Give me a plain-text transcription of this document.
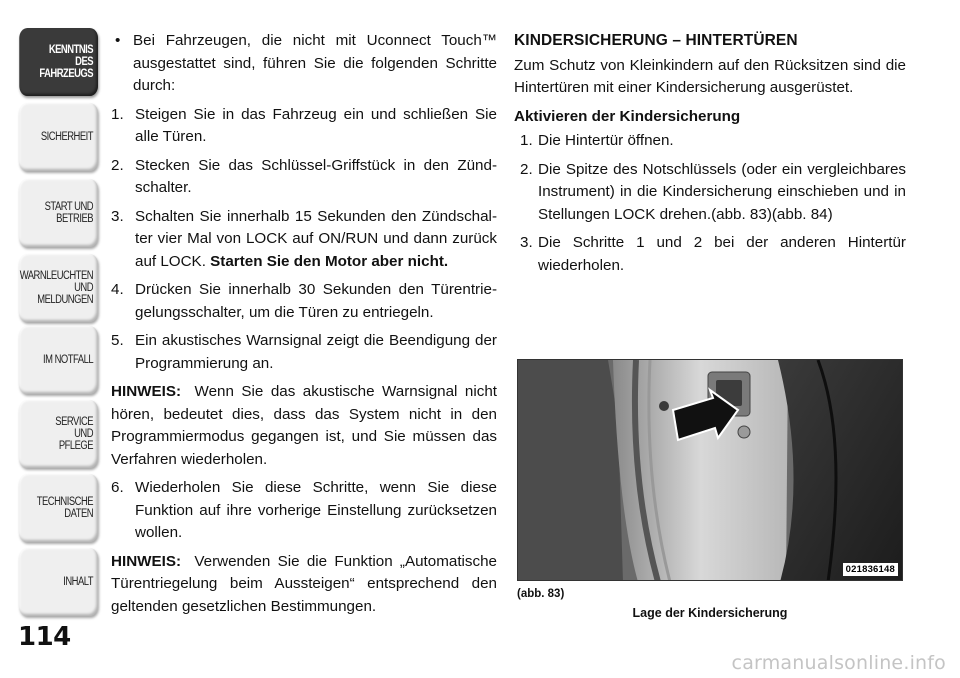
KENNTNIS
DES
FAHRZEUGS
SICHERHEIT
START UND
BETRIEB
WARNLEUCHTEN
UND
MELDUNGEN
IM NOTFALL
SERVICE
UND
PFLEGE
TECHNISCHE
DATEN
INHALT
114
• Bei Fahrzeugen, die nicht mit Uconnect Touch™ ausgestattet sind, führen Sie die folgenden Schritte durch:
1. Steigen Sie in das Fahrzeug ein und schließen Sie alle Türen.
2. Stecken Sie das Schlüssel-Griffstück in den Zündschalter.
3. Schalten Sie innerhalb 15 Sekunden den Zündschalter vier Mal von LOCK auf ON/RUN und dann zurück auf LOCK. Starten Sie den Motor aber nicht.
4. Drücken Sie innerhalb 30 Sekunden den Türentriegelungsschalter, um die Türen zu entriegeln.
5. Ein akustisches Warnsignal zeigt die Beendigung der Programmierung an.

HINWEIS: Wenn Sie das akustische Warnsignal nicht hören, bedeutet dies, dass das System nicht in den Programmiermodus gegangen ist, und Sie müssen das Verfahren wiederholen.

6. Wiederholen Sie diese Schritte, wenn Sie diese Funktion auf ihre vorherige Einstellung zurücksetzen wollen.

HINWEIS: Verwenden Sie die Funktion „Automatische Türentriegelung beim Aussteigen“ entsprechend den geltenden gesetzlichen Bestimmungen.

KINDERSICHERUNG – HINTERTÜREN

Zum Schutz von Kleinkindern auf den Rücksitzen sind die Hintertüren mit einer Kindersicherung ausgerüstet.

Aktivieren der Kindersicherung
1. Die Hintertür öffnen.
2. Die Spitze des Notschlüssels (oder ein vergleichbares Instrument) in die Kindersicherung einschieben und in Stellungen LOCK drehen.(abb. 83)(abb. 84)
3. Die Schritte 1 und 2 bei der anderen Hintertür wiederholen.
021836148
(abb. 83)
Lage der Kindersicherung
carmanualsonline.info
